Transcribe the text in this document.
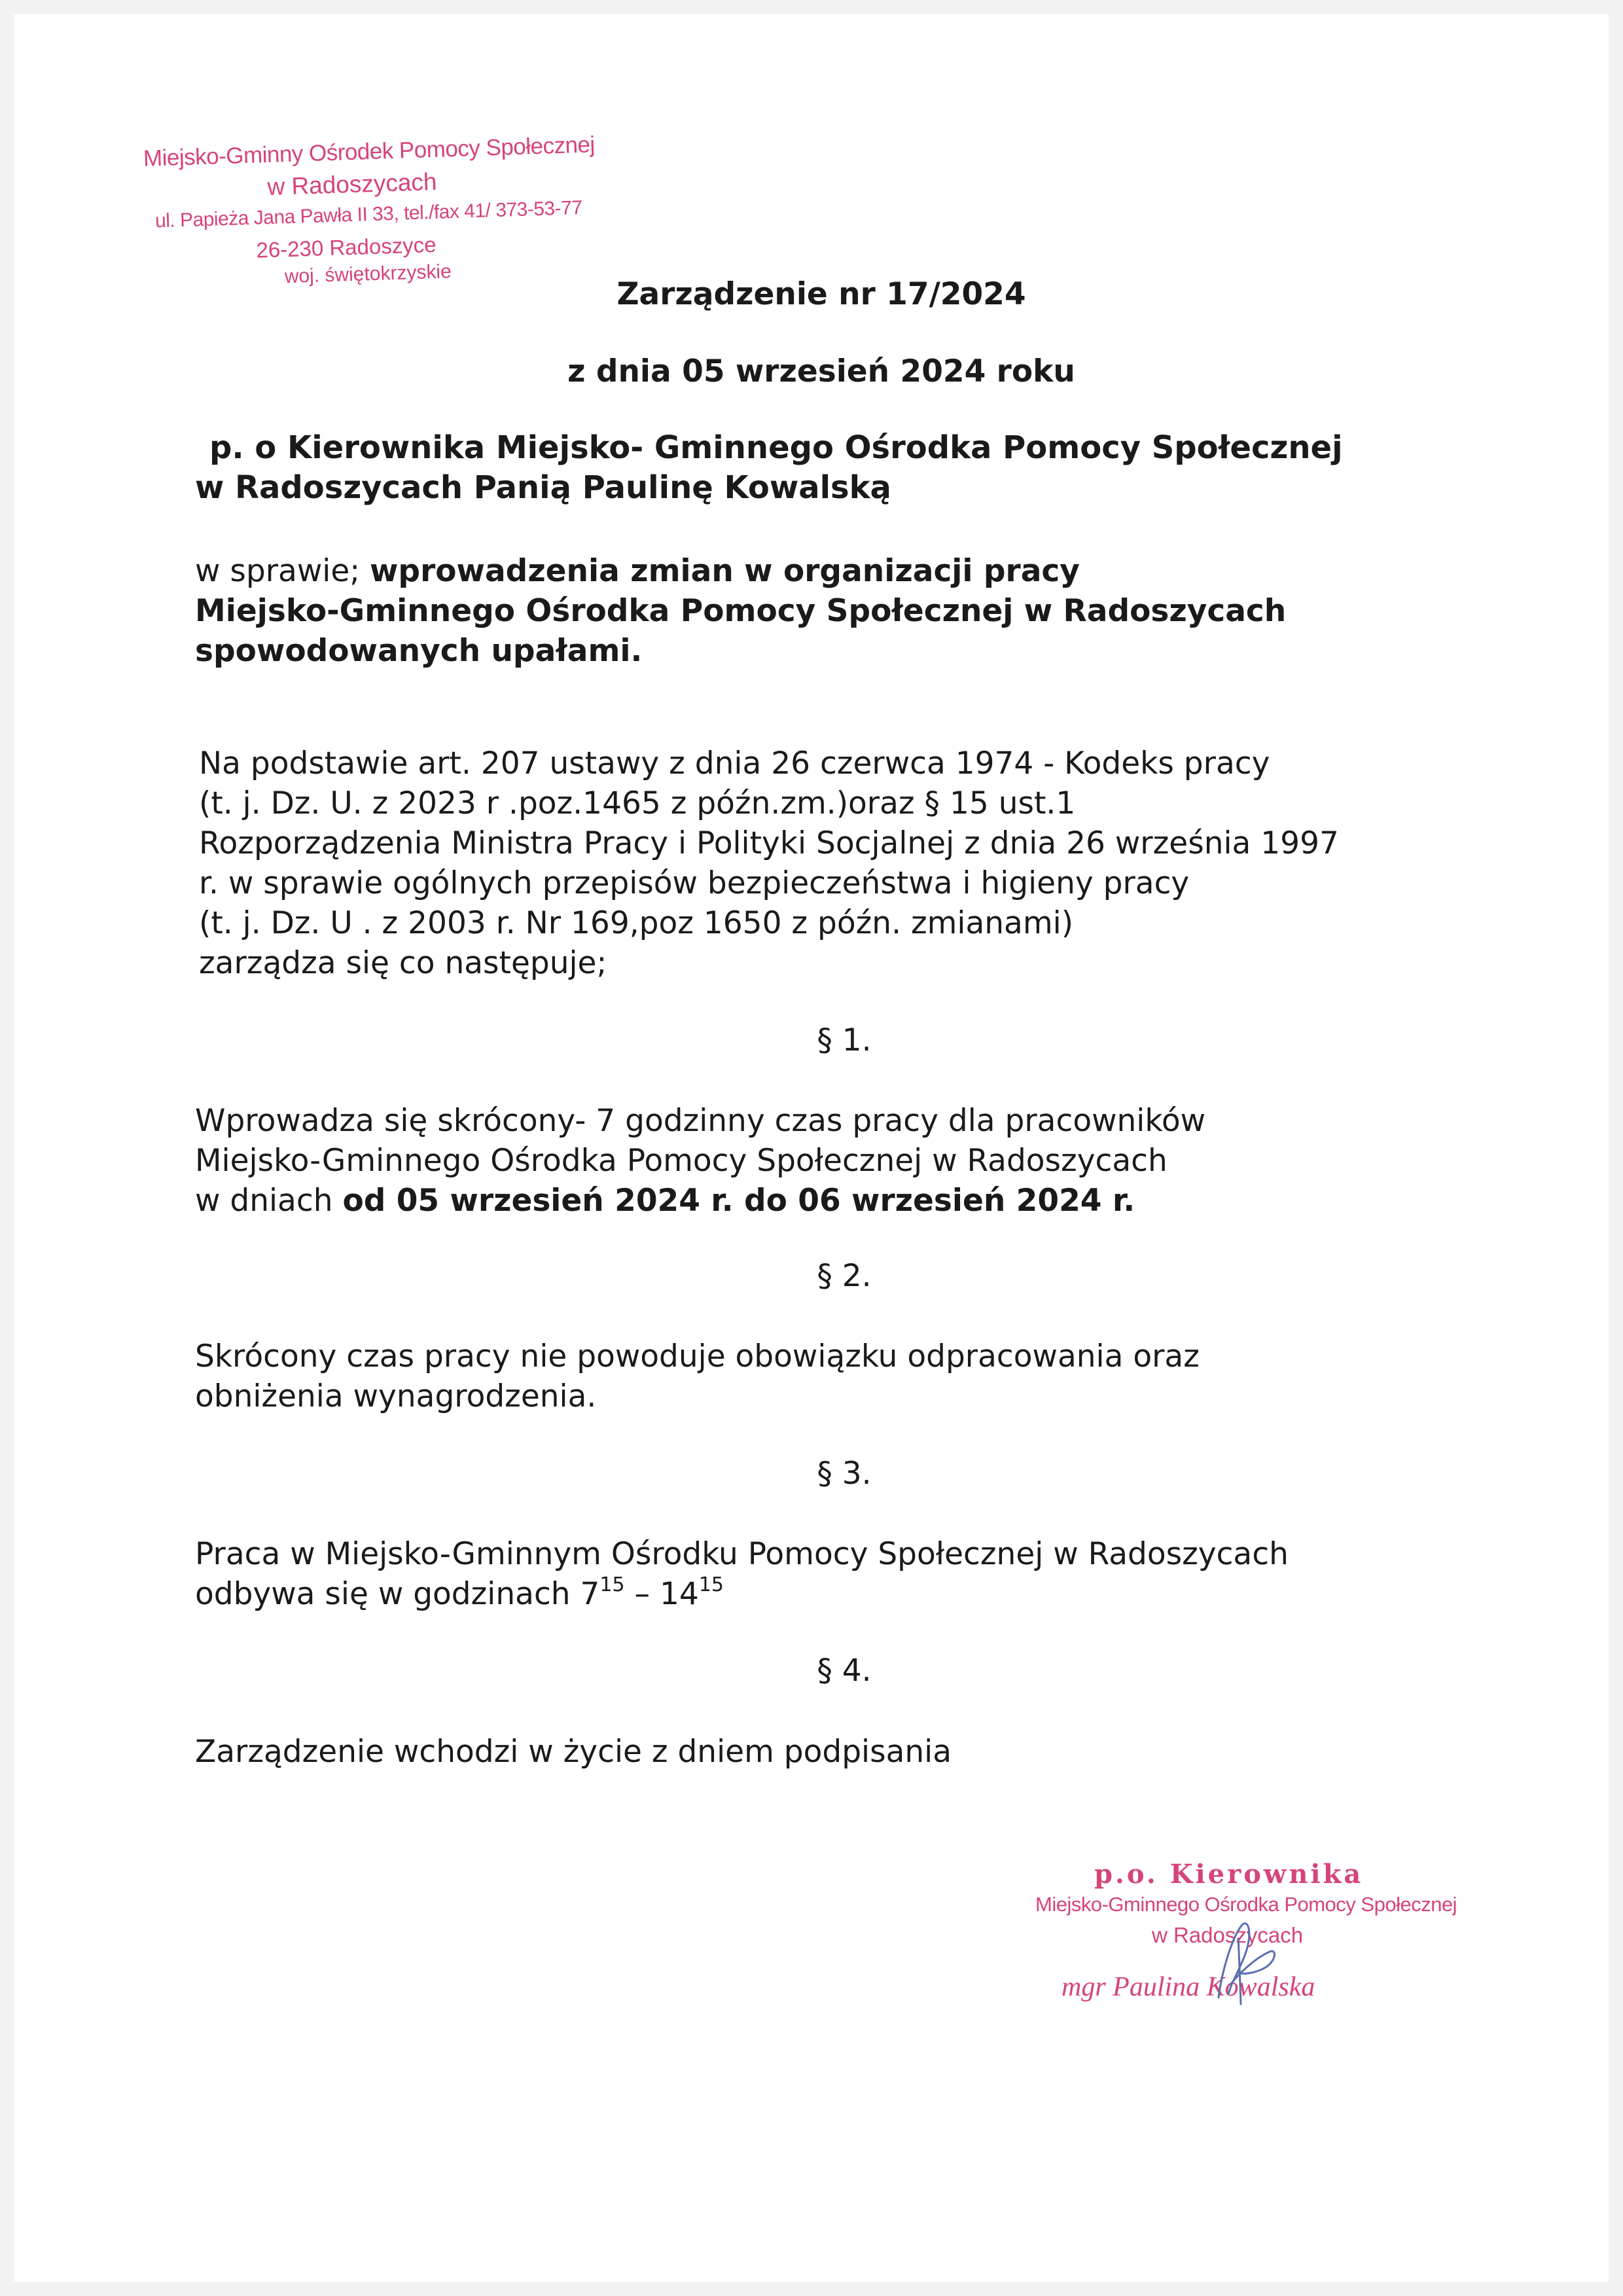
Miejsko-Gminny Ośrodek Pomocy Społecznej
w Radoszycach
ul. Papieża Jana Pawła II 33, tel./fax 41/ 373-53-77
26-230 Radoszyce
woj. świętokrzyskie
Zarządzenie nr 17/2024
z dnia 05 wrzesień 2024 roku
p. o Kierownika Miejsko- Gminnego Ośrodka Pomocy Społecznej
w Radoszycach Panią Paulinę Kowalską
w sprawie; wprowadzenia zmian w organizacji pracy
Miejsko-Gminnego Ośrodka Pomocy Społecznej w Radoszycach
spowodowanych upałami.
Na podstawie art. 207 ustawy z dnia 26 czerwca 1974 - Kodeks pracy
(t. j. Dz. U. z 2023 r .poz.1465 z późn.zm.)oraz § 15 ust.1
Rozporządzenia Ministra Pracy i Polityki Socjalnej z dnia 26 września 1997
r. w sprawie ogólnych przepisów bezpieczeństwa i higieny pracy
(t. j. Dz. U . z 2003 r. Nr 169,poz 1650 z późn. zmianami)
zarządza się co następuje;
§ 1.
Wprowadza się skrócony- 7 godzinny czas pracy dla pracowników
Miejsko-Gminnego Ośrodka Pomocy Społecznej w Radoszycach
w dniach od 05 wrzesień 2024 r. do 06 wrzesień 2024 r.
§ 2.
Skrócony czas pracy nie powoduje obowiązku odpracowania oraz
obniżenia wynagrodzenia.
§ 3.
Praca w Miejsko-Gminnym Ośrodku Pomocy Społecznej w Radoszycach
odbywa się w godzinach $7^{15} - 14^{15}$
§ 4.
Zarządzenie wchodzi w życie z dniem podpisania
p.o. Kierownika
Miejsko-Gminnego Ośrodka Pomocy Społecznej
w Radoszycach
mgr Paulina Kowalska
